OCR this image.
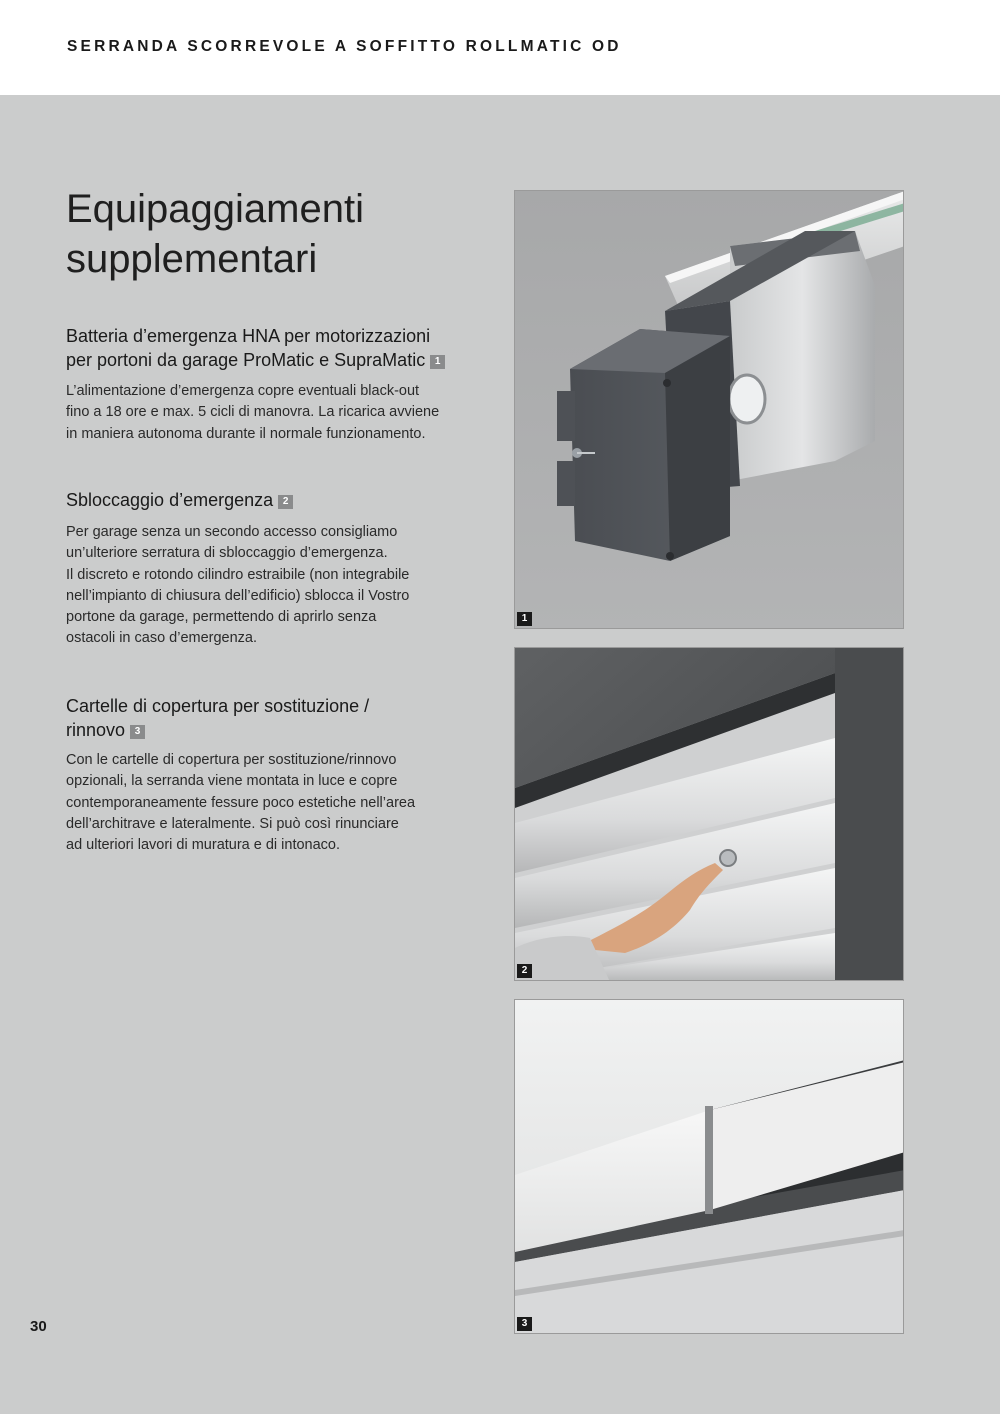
SERRANDA SCORREVOLE A SOFFITTO ROLLMATIC OD
Equipaggiamenti
supplementari
Batteria d’emergenza HNA per motorizzazioni
per portoni da garage ProMatic e SupraMatic 1

L’alimentazione d’emergenza copre eventuali black-out
fino a 18 ore e max. 5 cicli di manovra. La ricarica avviene
in maniera autonoma durante il normale funzionamento.

Sbloccaggio d’emergenza 2

Per garage senza un secondo accesso consigliamo
un’ulteriore serratura di sbloccaggio d’emergenza.
Il discreto e rotondo cilindro estraibile (non integrabile
nell’impianto di chiusura dell’edificio) sblocca il Vostro
portone da garage, permettendo di aprirlo senza
ostacoli in caso d’emergenza.

Cartelle di copertura per sostituzione /
rinnovo 3

Con le cartelle di copertura per sostituzione/rinnovo
opzionali, la serranda viene montata in luce e copre
contemporaneamente fessure poco estetiche nell’area
dell’architrave e lateralmente. Si può così rinunciare
ad ulteriori lavori di muratura e di intonaco.

1
2
3
30
